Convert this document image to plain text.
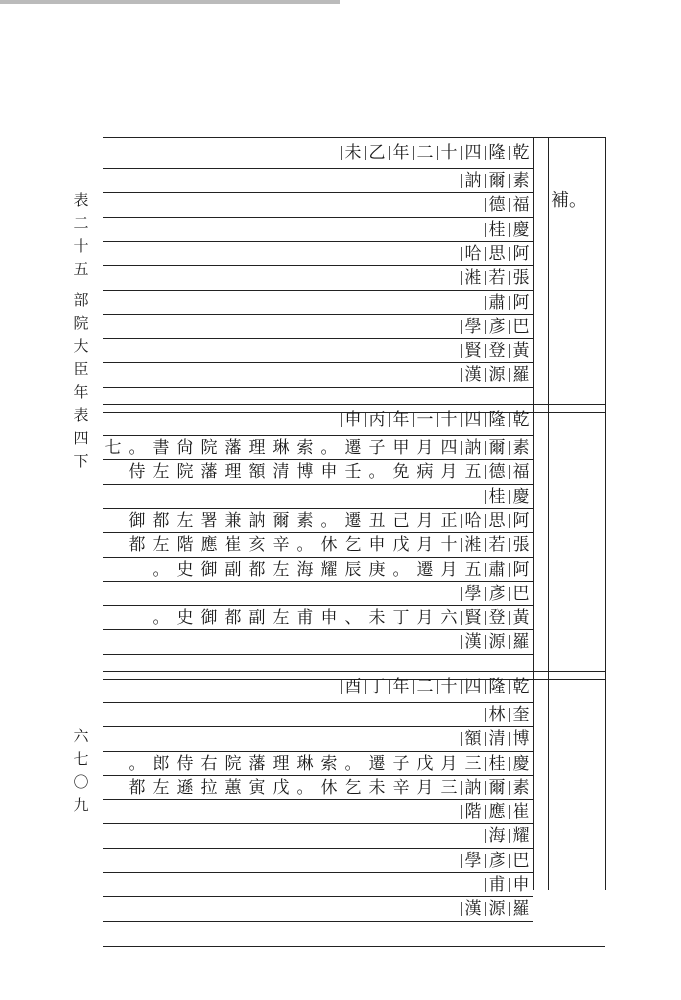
表
二
十
五
部
院
大
臣
年
表
四
下
六
七
〇
九
乾
隆
四
十
二
年
乙
未
素
爾
訥
福
德
慶
桂
阿
思
哈
張
若
溎
阿
肅
巴
彥
學
黃
登
賢
羅
源
漢
乾
隆
四
十
一
年
丙
申
素
爾
訥
四
月
甲
子
遷
。
索
琳
理
藩
院
尙
書
。
七
福
德
五
月
病
免
。
壬
申
博
清
額
理
藩
院
左
侍
慶
桂
阿
思
哈
正
月
己
丑
遷
。
素
爾
訥
兼
署
左
都
御
張
若
溎
十
月
戊
申
乞
休
。
辛
亥
崔
應
階
左
都
阿
肅
五
月
遷
。
庚
辰
耀
海
左
都
副
御
史
。
巴
彥
學
黃
登
賢
六
月
丁
未
、
申
甫
左
副
都
御
史
。
羅
源
漢
乾
隆
四
十
二
年
丁
酉
奎
林
博
清
額
慶
桂
三
月
戊
子
遷
。
索
琳
理
藩
院
右
侍
郎
。
素
爾
訥
三
月
辛
未
乞
休
。
戊
寅
蕙
拉
遜
左
都
崔
應
階
耀
海
巴
彥
學
申
甫
羅
源
漢
補。
